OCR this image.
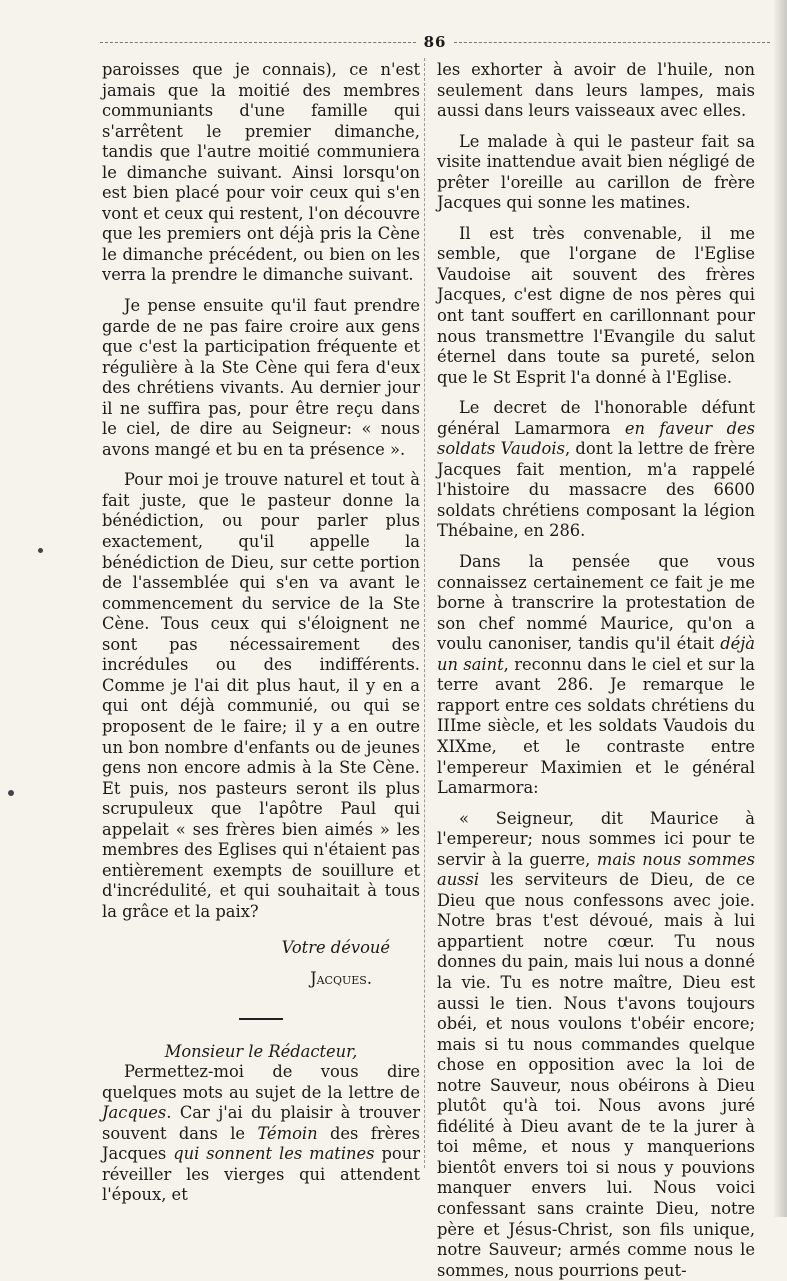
86

paroisses que je connais), ce n'est jamais que la moitié des membres communiants d'une famille qui s'arrêtent le premier dimanche, tandis que l'autre moitié communiera le dimanche suivant. Ainsi lorsqu'on est bien placé pour voir ceux qui s'en vont et ceux qui restent, l'on découvre que les premiers ont déjà pris la Cène le dimanche précédent, ou bien on les verra la prendre le dimanche suivant.

Je pense ensuite qu'il faut prendre garde de ne pas faire croire aux gens que c'est la participation fréquente et régulière à la Ste Cène qui fera d'eux des chrétiens vivants. Au dernier jour il ne suffira pas, pour être reçu dans le ciel, de dire au Seigneur: « nous avons mangé et bu en ta présence ».

Pour moi je trouve naturel et tout à fait juste, que le pasteur donne la bénédiction, ou pour parler plus exactement, qu'il appelle la bénédiction de Dieu, sur cette portion de l'assemblée qui s'en va avant le commencement du service de la Ste Cène. Tous ceux qui s'éloignent ne sont pas nécessairement des incrédules ou des indifférents. Comme je l'ai dit plus haut, il y en a qui ont déjà communié, ou qui se proposent de le faire; il y a en outre un bon nombre d'enfants ou de jeunes gens non encore admis à la Ste Cène. Et puis, nos pasteurs seront ils plus scrupuleux que l'apôtre Paul qui appelait « ses frères bien aimés » les membres des Eglises qui n'étaient pas entièrement exempts de souillure et d'incrédulité, et qui souhaitait à tous la grâce et la paix?

Votre dévoué

Jacques.

Monsieur le Rédacteur,

Permettez-moi de vous dire quelques mots au sujet de la lettre de Jacques. Car j'ai du plaisir à trouver souvent dans le Témoin des frères Jacques qui sonnent les matines pour réveiller les vierges qui attendent l'époux, et

les exhorter à avoir de l'huile, non seulement dans leurs lampes, mais aussi dans leurs vaisseaux avec elles.

Le malade à qui le pasteur fait sa visite inattendue avait bien négligé de prêter l'oreille au carillon de frère Jacques qui sonne les matines.

Il est très convenable, il me semble, que l'organe de l'Eglise Vaudoise ait souvent des frères Jacques, c'est digne de nos pères qui ont tant souffert en carillonnant pour nous transmettre l'Evangile du salut éternel dans toute sa pureté, selon que le St Esprit l'a donné à l'Eglise.

Le decret de l'honorable défunt général Lamarmora en faveur des soldats Vaudois, dont la lettre de frère Jacques fait mention, m'a rappelé l'histoire du massacre des 6600 soldats chrétiens composant la légion Thébaine, en 286.

Dans la pensée que vous connaissez certainement ce fait je me borne à transcrire la protestation de son chef nommé Maurice, qu'on a voulu canoniser, tandis qu'il était déjà un saint, reconnu dans le ciel et sur la terre avant 286. Je remarque le rapport entre ces soldats chrétiens du IIIme siècle, et les soldats Vaudois du XIXme, et le contraste entre l'empereur Maximien et le général Lamarmora:

« Seigneur, dit Maurice à l'empereur; nous sommes ici pour te servir à la guerre, mais nous sommes aussi les serviteurs de Dieu, de ce Dieu que nous confessons avec joie. Notre bras t'est dévoué, mais à lui appartient notre cœur. Tu nous donnes du pain, mais lui nous a donné la vie. Tu es notre maître, Dieu est aussi le tien. Nous t'avons toujours obéi, et nous voulons t'obéir encore; mais si tu nous commandes quelque chose en opposition avec la loi de notre Sauveur, nous obéirons à Dieu plutôt qu'à toi. Nous avons juré fidélité à Dieu avant de te la jurer à toi même, et nous y manquerions bientôt envers toi si nous y pouvions manquer envers lui. Nous voici confessant sans crainte Dieu, notre père et Jésus-Christ, son fils unique, notre Sauveur; armés comme nous le sommes, nous pourrions peut-
